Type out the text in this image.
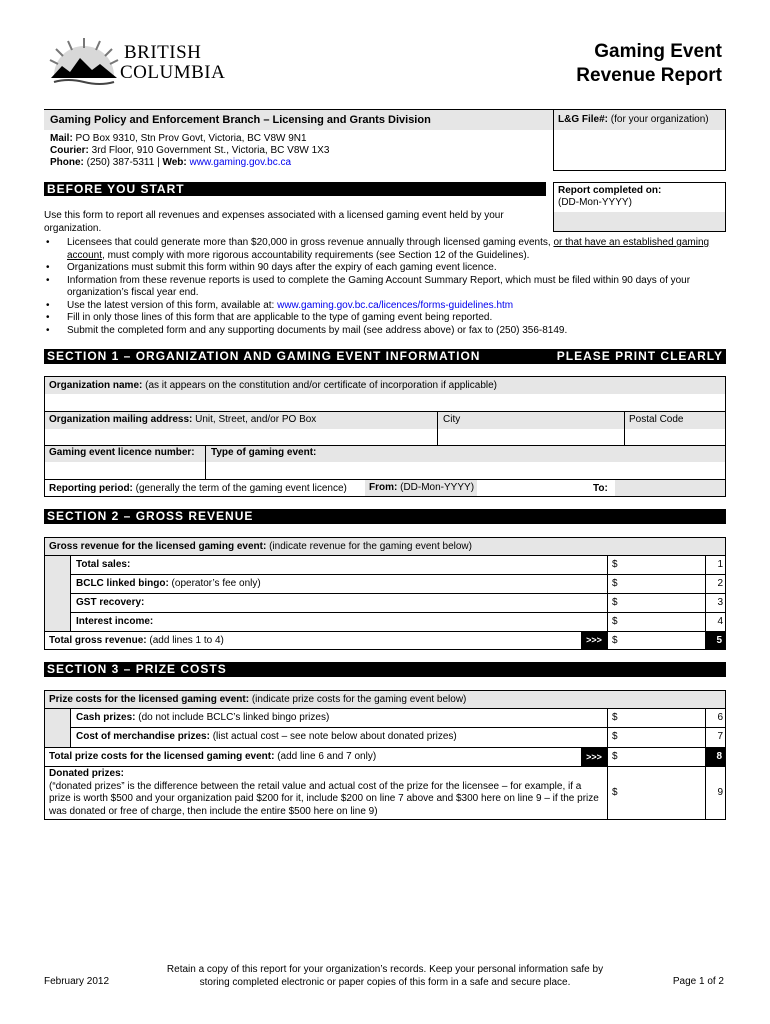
BRITISH
COLUMBIA
Gaming Event
Revenue Report
Gaming Policy and Enforcement Branch – Licensing and Grants Division
Mail: PO Box 9310, Stn Prov Govt, Victoria, BC V8W 9N1
Courier: 3rd Floor, 910 Government St., Victoria, BC V8W 1X3
Phone: (250) 387-5311 | Web: www.gaming.gov.bc.ca
L&G File#: (for your organization)
BEFORE YOU START	Report completed on:
(DD-Mon-YYYY)
Use this form to report all revenues and expenses associated with a licensed gaming event held by your organization.
• Licensees that could generate more than $20,000 in gross revenue annually through licensed gaming events, or that have an established gaming account, must comply with more rigorous accountability requirements (see Section 12 of the Guidelines).
• Organizations must submit this form within 90 days after the expiry of each gaming event licence.
• Information from these revenue reports is used to complete the Gaming Account Summary Report, which must be filed within 90 days of your organization’s fiscal year end.
• Use the latest version of this form, available at: www.gaming.gov.bc.ca/licences/forms-guidelines.htm
• Fill in only those lines of this form that are applicable to the type of gaming event being reported.
• Submit the completed form and any supporting documents by mail (see address above) or fax to (250) 356-8149.
SECTION 1 – ORGANIZATION AND GAMING EVENT INFORMATION	PLEASE PRINT CLEARLY
Organization name: (as it appears on the constitution and/or certificate of incorporation if applicable)
Organization mailing address: Unit, Street, and/or PO Box	City	Postal Code
Gaming event licence number: Type of gaming event:
Reporting period: (generally the term of the gaming event licence)	From: (DD-Mon-YYYY)	To:
SECTION 2 – GROSS REVENUE
Gross revenue for the licensed gaming event: (indicate revenue for the gaming event below)
Total sales:	$	1
BCLC linked bingo: (operator’s fee only)	$	2
GST recovery:	$	3
Interest income:	$	4
Total gross revenue: (add lines 1 to 4)	>>>	$	5
SECTION 3 – PRIZE COSTS
Prize costs for the licensed gaming event: (indicate prize costs for the gaming event below)
Cash prizes: (do not include BCLC’s linked bingo prizes)	$	6
Cost of merchandise prizes: (list actual cost – see note below about donated prizes)	$	7
Total prize costs for the licensed gaming event: (add line 6 and 7 only)	>>>	$	8
Donated prizes:
(“donated prizes” is the difference between the retail value and actual cost of the prize for the licensee – for example, if a prize is worth $500 and your organization paid $200 for it, include $200 on line 7 above and $300 here on line 9 – if the prize was donated or free of charge, then include the entire $500 here on line 9)
$	9
February 2012
Retain a copy of this report for your organization’s records. Keep your personal information safe by
storing completed electronic or paper copies of this form in a safe and secure place.	Page 1 of 2
